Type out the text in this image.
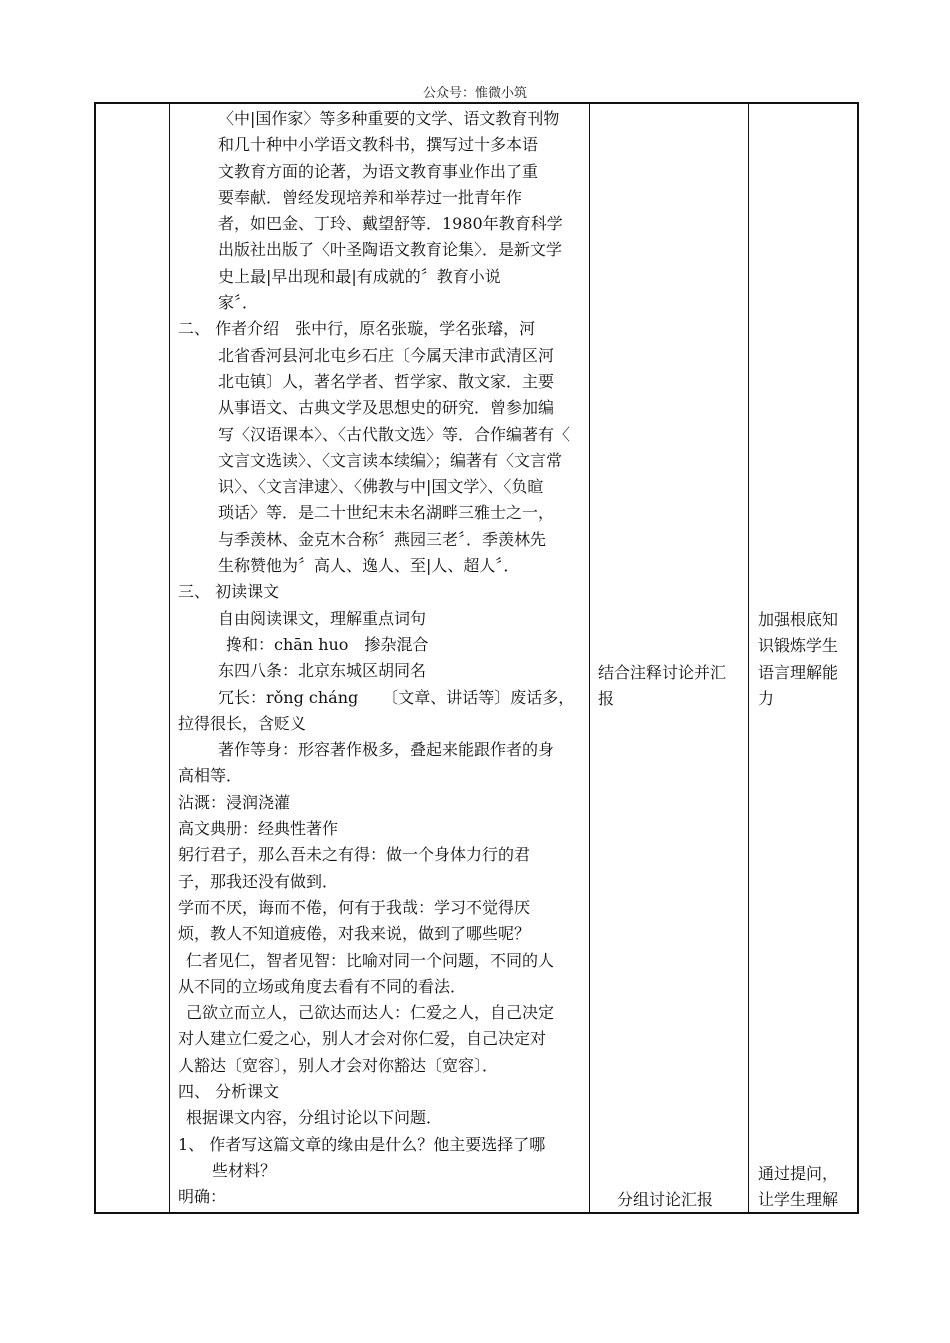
公众号：惟微小筑

〈中|国作家〉等多种重要的文学、语文教育刊物

和几十种中小学语文教科书，撰写过十多本语

文教育方面的论著，为语文教育事业作出了重

要奉献．曾经发现培养和举荐过一批青年作

者，如巴金、丁玲、戴望舒等．1980年教育科学

出版社出版了〈叶圣陶语文教育论集〉．是新文学

史上最|早出现和最|有成就的〞教育小说

家〞．

二、 作者介绍　张中行，原名张璇，学名张璿，河

北省香河县河北屯乡石庄〔今属天津市武清区河

北屯镇〕人，著名学者、哲学家、散文家．主要

从事语文、古典文学及思想史的研究．曾参加编

写〈汉语课本〉、〈古代散文选〉等．合作编著有〈

文言文选读〉、〈文言读本续编〉；编著有〈文言常

识〉、〈文言津逮〉、〈佛教与中|国文学〉、〈负暄

琐话〉等．是二十世纪末未名湖畔三雅士之一，

与季羡林、金克木合称〞燕园三老〞．季羡林先

生称赞他为〞高人、逸人、至|人、超人〞．

三、 初读课文

自由阅读课文，理解重点词句

搀和：chān huo　掺杂混合

东四八条：北京东城区胡同名

冗长：rǒng cháng　　〔文章、讲话等〕废话多，

拉得很长，含贬义

著作等身：形容著作极多，叠起来能跟作者的身

高相等．

沾溉：浸润浇灌

高文典册：经典性著作

躬行君子，那么吾未之有得：做一个身体力行的君

子，那我还没有做到．

学而不厌，诲而不倦，何有于我哉：学习不觉得厌

烦，教人不知道疲倦，对我来说，做到了哪些呢？

仁者见仁，智者见智：比喻对同一个问题，不同的人

从不同的立场或角度去看有不同的看法．

己欲立而立人，己欲达而达人：仁爱之人，自己决定

对人建立仁爱之心，别人才会对你仁爱，自己决定对

人豁达〔宽容〕，别人才会对你豁达〔宽容〕．

四、 分析课文

根据课文内容，分组讨论以下问题．

1、 作者写这篇文章的缘由是什么？他主要选择了哪

些材料？

明确：

结合注释讨论并汇

报

分组讨论汇报

加强根底知

识锻炼学生

语言理解能

力

通过提问，

让学生理解
